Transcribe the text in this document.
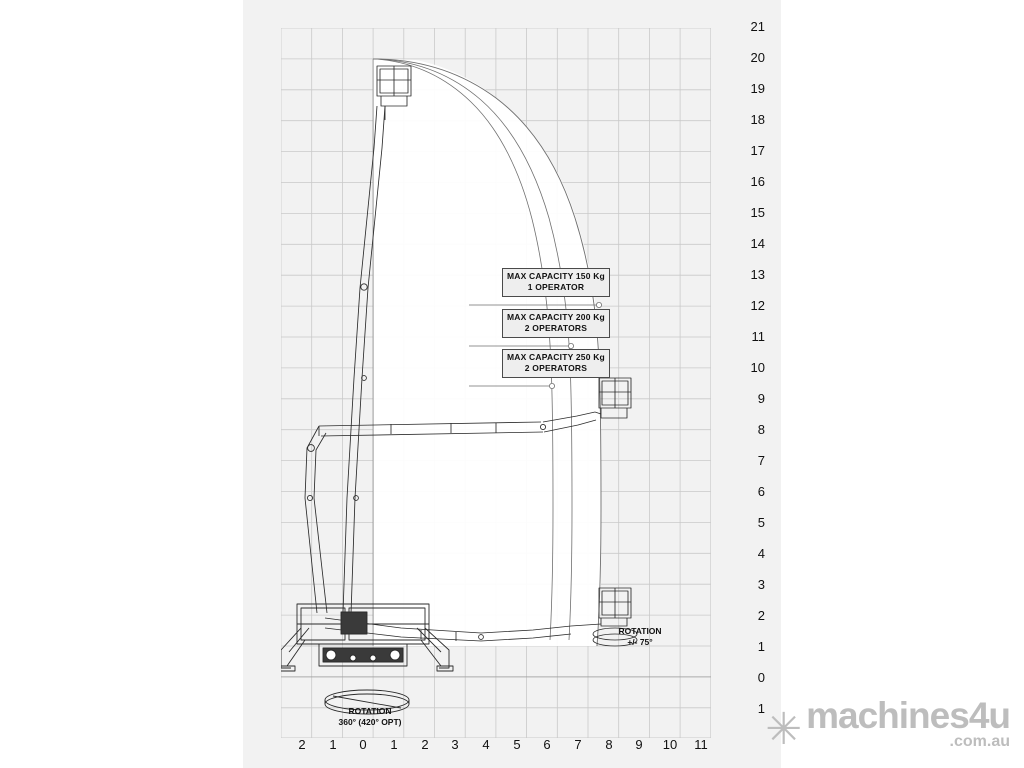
MAX CAPACITY 150 Kg
1 OPERATOR
MAX CAPACITY 200 Kg
2 OPERATORS
MAX CAPACITY 250 Kg
2 OPERATORS
ROTATION
+/- 75°
ROTATION
360° (420° OPT)
21
20
19
18
17
16
15
14
13
12
11
10
9
8
7
6
5
4
3
2
1
0
1
2	1	0	1	2	3	4	5	6	7	8	9	10	11 ✳ machines4u
.com.au
